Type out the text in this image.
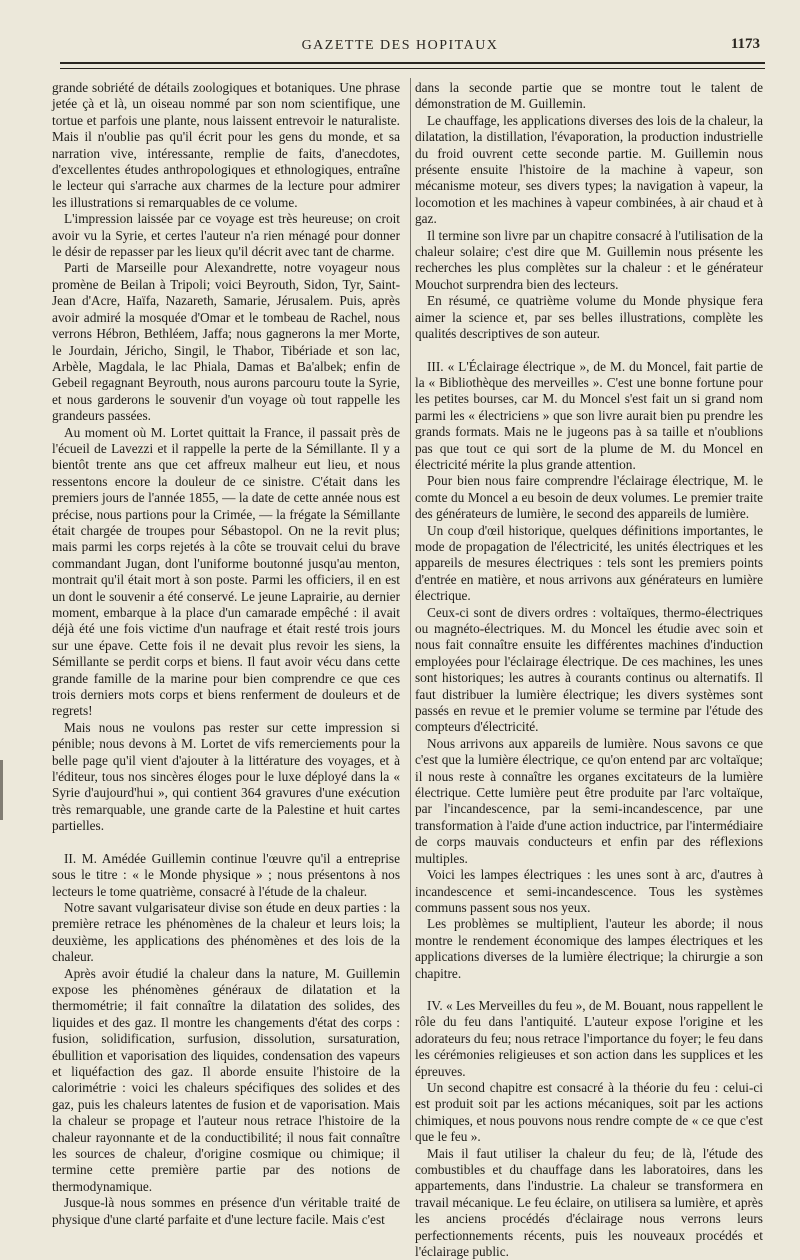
GAZETTE DES HOPITAUX	1173

grande sobriété de détails zoologiques et botaniques. Une phrase jetée çà et là, un oiseau nommé par son nom scientifique, une tortue et parfois une plante, nous laissent entrevoir le naturaliste. Mais il n'oublie pas qu'il écrit pour les gens du monde, et sa narration vive, intéressante, remplie de faits, d'anecdotes, d'excellentes études anthropologiques et ethnologiques, entraîne le lecteur qui s'arrache aux charmes de la lecture pour admirer les illustrations si remarquables de ce volume.

L'impression laissée par ce voyage est très heureuse; on croit avoir vu la Syrie, et certes l'auteur n'a rien ménagé pour donner le désir de repasser par les lieux qu'il décrit avec tant de charme.

Parti de Marseille pour Alexandrette, notre voyageur nous promène de Beilan à Tripoli; voici Beyrouth, Sidon, Tyr, Saint-Jean d'Acre, Haïfa, Nazareth, Samarie, Jérusalem. Puis, après avoir admiré la mosquée d'Omar et le tombeau de Rachel, nous verrons Hébron, Bethléem, Jaffa; nous gagnerons la mer Morte, le Jourdain, Jéricho, Singil, le Thabor, Tibériade et son lac, Arbèle, Magdala, le lac Phiala, Damas et Ba'albek; enfin de Gebeil regagnant Beyrouth, nous aurons parcouru toute la Syrie, et nous garderons le souvenir d'un voyage où tout rappelle les grandeurs passées.

Au moment où M. Lortet quittait la France, il passait près de l'écueil de Lavezzi et il rappelle la perte de la Sémillante. Il y a bientôt trente ans que cet affreux malheur eut lieu, et nous ressentons encore la douleur de ce sinistre. C'était dans les premiers jours de l'année 1855, — la date de cette année nous est précise, nous partions pour la Crimée, — la frégate la Sémillante était chargée de troupes pour Sébastopol. On ne la revit plus; mais parmi les corps rejetés à la côte se trouvait celui du brave commandant Jugan, dont l'uniforme boutonné jusqu'au menton, montrait qu'il était mort à son poste. Parmi les officiers, il en est un dont le souvenir a été conservé. Le jeune Laprairie, au dernier moment, embarque à la place d'un camarade empêché : il avait déjà été une fois victime d'un naufrage et était resté trois jours sur une épave. Cette fois il ne devait plus revoir les siens, la Sémillante se perdit corps et biens. Il faut avoir vécu dans cette grande famille de la marine pour bien comprendre ce que ces trois derniers mots corps et biens renferment de douleurs et de regrets!

Mais nous ne voulons pas rester sur cette impression si pénible; nous devons à M. Lortet de vifs remerciements pour la belle page qu'il vient d'ajouter à la littérature des voyages, et à l'éditeur, tous nos sincères éloges pour le luxe déployé dans la « Syrie d'aujourd'hui », qui contient 364 gravures d'une exécution très remarquable, une grande carte de la Palestine et huit cartes partielles.

II. M. Amédée Guillemin continue l'œuvre qu'il a entreprise sous le titre : « le Monde physique » ; nous présentons à nos lecteurs le tome quatrième, consacré à l'étude de la chaleur.

Notre savant vulgarisateur divise son étude en deux parties : la première retrace les phénomènes de la chaleur et leurs lois; la deuxième, les applications des phénomènes et des lois de la chaleur.

Après avoir étudié la chaleur dans la nature, M. Guillemin expose les phénomènes généraux de dilatation et la thermométrie; il fait connaître la dilatation des solides, des liquides et des gaz. Il montre les changements d'état des corps : fusion, solidification, surfusion, dissolution, sursaturation, ébullition et vaporisation des liquides, condensation des vapeurs et liquéfaction des gaz. Il aborde ensuite l'histoire de la calorimétrie : voici les chaleurs spécifiques des solides et des gaz, puis les chaleurs latentes de fusion et de vaporisation. Mais la chaleur se propage et l'auteur nous retrace l'histoire de la chaleur rayonnante et de la conductibilité; il nous fait connaître les sources de chaleur, d'origine cosmique ou chimique; il termine cette première partie par des notions de thermodynamique.

Jusque-là nous sommes en présence d'un véritable traité de physique d'une clarté parfaite et d'une lecture facile. Mais c'est

dans la seconde partie que se montre tout le talent de démonstration de M. Guillemin.

Le chauffage, les applications diverses des lois de la chaleur, la dilatation, la distillation, l'évaporation, la production industrielle du froid ouvrent cette seconde partie. M. Guillemin nous présente ensuite l'histoire de la machine à vapeur, son mécanisme moteur, ses divers types; la navigation à vapeur, la locomotion et les machines à vapeur combinées, à air chaud et à gaz.

Il termine son livre par un chapitre consacré à l'utilisation de la chaleur solaire; c'est dire que M. Guillemin nous présente les recherches les plus complètes sur la chaleur : et le générateur Mouchot surprendra bien des lecteurs.

En résumé, ce quatrième volume du Monde physique fera aimer la science et, par ses belles illustrations, complète les qualités descriptives de son auteur.

III. « L'Éclairage électrique », de M. du Moncel, fait partie de la « Bibliothèque des merveilles ». C'est une bonne fortune pour les petites bourses, car M. du Moncel s'est fait un si grand nom parmi les « électriciens » que son livre aurait bien pu prendre les grands formats. Mais ne le jugeons pas à sa taille et n'oublions pas que tout ce qui sort de la plume de M. du Moncel en électricité mérite la plus grande attention.

Pour bien nous faire comprendre l'éclairage électrique, M. le comte du Moncel a eu besoin de deux volumes. Le premier traite des générateurs de lumière, le second des appareils de lumière.

Un coup d'œil historique, quelques définitions importantes, le mode de propagation de l'électricité, les unités électriques et les appareils de mesures électriques : tels sont les premiers points d'entrée en matière, et nous arrivons aux générateurs en lumière électrique.

Ceux-ci sont de divers ordres : voltaïques, thermo-électriques ou magnéto-électriques. M. du Moncel les étudie avec soin et nous fait connaître ensuite les différentes machines d'induction employées pour l'éclairage électrique. De ces machines, les unes sont historiques; les autres à courants continus ou alternatifs. Il faut distribuer la lumière électrique; les divers systèmes sont passés en revue et le premier volume se termine par l'étude des compteurs d'électricité.

Nous arrivons aux appareils de lumière. Nous savons ce que c'est que la lumière électrique, ce qu'on entend par arc voltaïque; il nous reste à connaître les organes excitateurs de la lumière électrique. Cette lumière peut être produite par l'arc voltaïque, par l'incandescence, par la semi-incandescence, par une transformation à l'aide d'une action inductrice, par l'intermédiaire de corps mauvais conducteurs et enfin par des réflexions multiples.

Voici les lampes électriques : les unes sont à arc, d'autres à incandescence et semi-incandescence. Tous les systèmes communs passent sous nos yeux.

Les problèmes se multiplient, l'auteur les aborde; il nous montre le rendement économique des lampes électriques et les applications diverses de la lumière électrique; la chirurgie a son chapitre.

IV. « Les Merveilles du feu », de M. Bouant, nous rappellent le rôle du feu dans l'antiquité. L'auteur expose l'origine et les adorateurs du feu; nous retrace l'importance du foyer; le feu dans les cérémonies religieuses et son action dans les supplices et les épreuves.

Un second chapitre est consacré à la théorie du feu : celui-ci est produit soit par les actions mécaniques, soit par les actions chimiques, et nous pouvons nous rendre compte de « ce que c'est que le feu ».

Mais il faut utiliser la chaleur du feu; de là, l'étude des combustibles et du chauffage dans les laboratoires, dans les appartements, dans l'industrie. La chaleur se transformera en travail mécanique. Le feu éclaire, on utilisera sa lumière, et après les anciens procédés d'éclairage nous verrons leurs perfectionnements récents, puis les nouveaux procédés et l'éclairage public.
